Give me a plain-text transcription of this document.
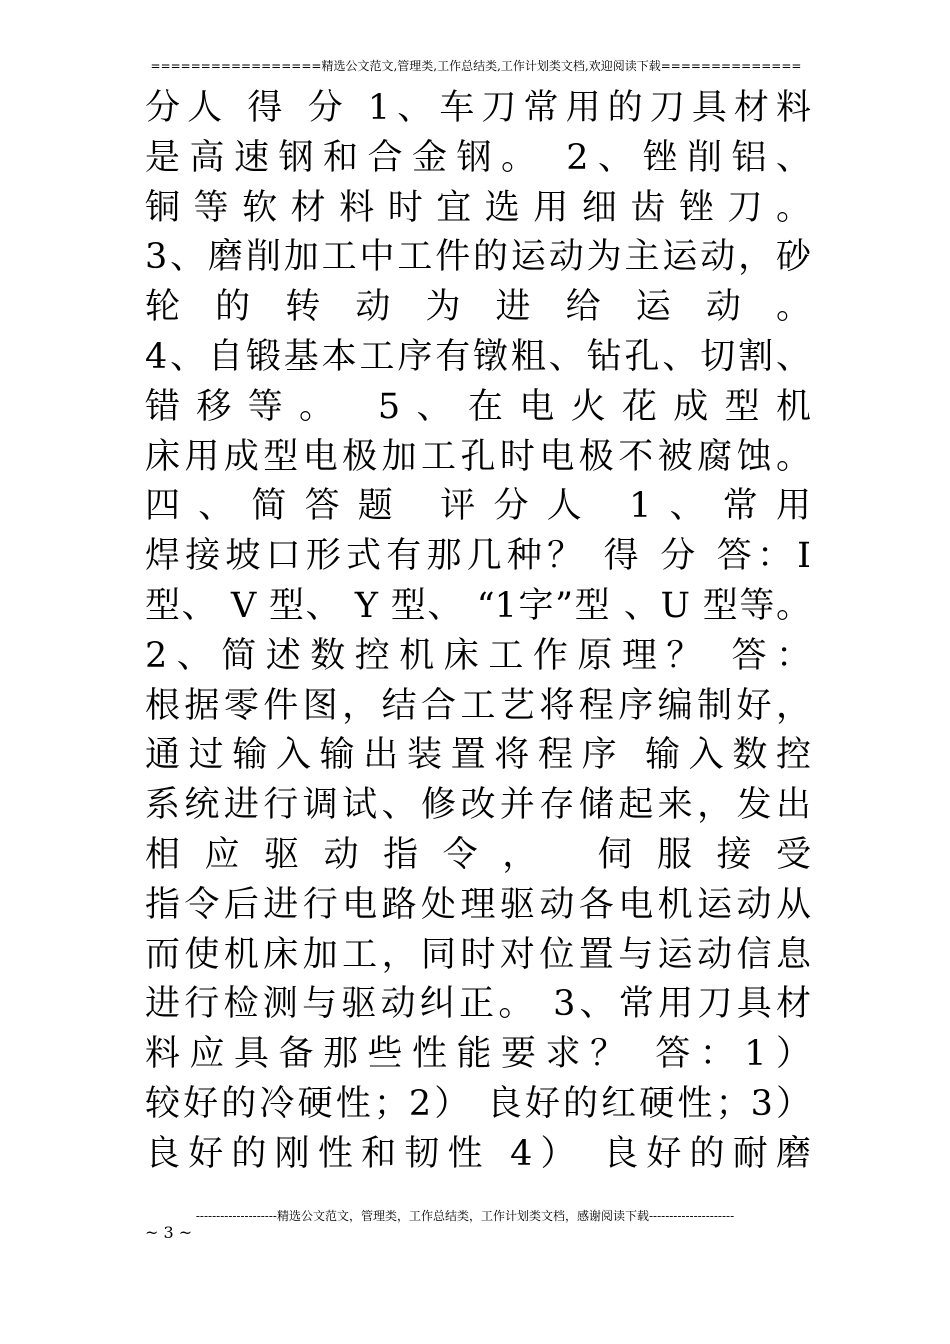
=================精选公文范文,管理类,工作总结类,工作计划类文档,欢迎阅读下载==============
分人 得 分 1、车刀常用的刀具材料
是高速钢和合金钢。 2、锉削铝、
铜 等 软 材 料 时 宜 选 用 细 齿 锉 刀 。
3、磨削加工中工件的运动为主运动，砂
轮 的 转 动 为 进 给 运 动 。
4、自锻基本工序有镦粗、钻孔、切割、
错移等。 5、在电火花成型机
床用成型电极加工孔时电极不被腐蚀。
四、简答题 评分人 1、常用
焊接坡口形式有那几种？ 得 分 答：I
型、 V 型、 Y 型、 “1字”型 、U 型等。
2、简述数控机床工作原理？ 答：
根据零件图，结合工艺将程序编制好，
通过输入输出装置将程序 输入数控
系统进行调试、修改并存储起来，发出
相应驱动指令， 伺服接受
指令后进行电路处理驱动各电机运动从
而使机床加工，同时对位置与运动信息
进行检测与驱动纠正。 3、常用刀具材
料应具备那些性能要求？ 答：1）
较好的冷硬性；2） 良好的红硬性；3）
良好的刚性和韧性 4） 良好的耐磨
--------------------精选公文范文，管理类，工作总结类，工作计划类文档，感谢阅读下载---------------------
~ 3 ~
